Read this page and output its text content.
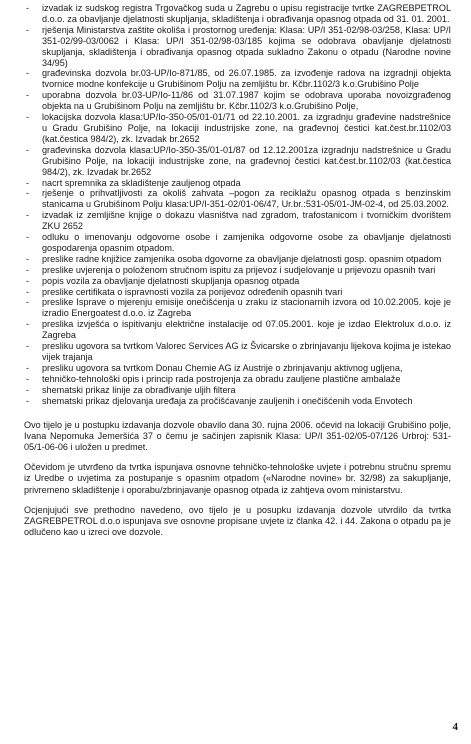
- izvadak iz sudskog registra Trgovačkog suda u Zagrebu o upisu registracije tvrtke ZAGREBPETROL d.o.o. za obavljanje djelatnosti skupljanja, skladištenja i obrađivanja opasnog otpada od 31. 01. 2001.
- rješenja Ministarstva zaštite okoliša i prostornog uređenja: Klasa: UP/I 351-02/98-03/258, Klasa: UP/I 351-02/99-03/0062 i Klasa: UP/I 351-02/98-03/185 kojima se odobrava obavljanje djelatnosti skupljanja, skladištenja i obrađivanja opasnog otpada sukladno Zakonu o otpadu (Narodne novine 34/95)
- građevinska dozvola br.03-UP/Io-871/85, od 26.07.1985. za izvođenje radova na izgradnji objekta tvornice modne konfekcije u Grubišinom Polju na zemljištu br. Kčbr.1102/3 k.o.Grubišino Polje
- uporabna dozvola br.03-UP/Io-11/86 od 31.07.1987 kojim se odobrava uporaba novoizgrađenog objekta na u Grubišinom Polju na zemljištu br. Kčbr.1102/3 k.o.Grubišino Polje,
- lokacijska dozvola klasa:UP/Io-350-05/01-01/71 od 22.10.2001. za izgradnju građevine nadstrešnice u Gradu Grubišino Polje, na lokaciji industrijske zone, na građevnoj čestici kat.čest.br.1102/03 (kat.čestica 984/2), zk. Izvadak br.2652
- građevinska dozvola klasa:UP/Io-350-35/01-01/87 od 12.12.2001za izgradnju nadstrešnice u Gradu Grubišino Polje, na lokaciji industrijske zone, na građevnoj čestici kat.čest.br.1102/03 (kat.čestica 984/2), zk. Izvadak br.2652
- nacrt spremnika za skladištenje zauljenog otpada
- rješenje o prihvatljivosti za okoliš zahvata –pogon za reciklažu opasnog otpada s benzinskim stanicama u Grubišinom Polju klasa:UP/I-351-02/01-06/47, Ur.br.:531-05/01-JM-02-4, od 25.03.2002.
- izvadak iz zemljišne knjige o dokazu vlasništva nad zgradom, trafostanicom i tvorničkim dvorištem ZKU 2652
- odluku o imenovanju odgovorne osobe i zamjenika odgovorne osobe za obavljanje djelatnosti gospodarenja opasnim otpadom.
- preslike radne knjižice zamjenika osoba dgovorne za obavljanje djelatnosti gosp. opasnim otpadom
- preslike uvjerenja o položenom stručnom ispitu za prijevoz i sudjelovanje u prijevozu opasnih tvari
- popis vozila za obavljanje djelatnosti skupljanja opasnog otpada
- preslike certifikata o ispravnosti vozila za porijevoz određenih opasnih tvari
- preslike Isprave o mjerenju emisije onečišćenja u zraku iz stacionarnih izvora od 10.02.2005. koje je izradio Energoatest d.o.o. iz Zagreba
- preslika izvješća o ispitivanju električne instalacije od 07.05.2001. koje je izdao Elektrolux d.o.o. iz Zagreba
- presliku ugovora sa tvrtkom Valorec Services AG iz Švicarske o zbrinjavanju lijekova kojima je istekao vijek trajanja
- presliku ugovora sa tvrtkom Donau Chemie AG iz Austrije o zbrinjavanju aktivnog ugljena,
- tehničko-tehnološki opis i princip rada postrojenja za obradu zauljene plastične ambalaže
- shematski prikaz linije za obrađivanje uljih filtera
- shematski prikaz djelovanja uređaja za pročišćavanje zauljenih i onečišćenih voda Envotech

Ovo tijelo je u postupku izdavanja dozvole obavilo dana 30. rujna 2006. očevid na lokaciji Grubišino polje, Ivana Nepomuka Jemeršića 37 o čemu je sačinjen zapisnik Klasa: UP/I 351-02/05-07/126 Urbroj: 531-05/1-06-06 i uložen u predmet.

Očevidom je utvrđeno da tvrtka ispunjava osnovne tehničko-tehnološke uvjete i potrebnu stručnu spremu iz Uredbe o uvjetima za postupanje s opasnim otpadom («Narodne novine» br. 32/98) za sakupljanje, privremeno skladištenje i oporabu/zbrinjavanje opasnog otpada iz zahtjeva ovom ministarstvu.

Ocjenjujući sve prethodno navedeno, ovo tijelo je u posupku izdavanja dozvole utvrdilo da tvrtka ZAGREBPETROL d.o.o ispunjava sve osnovne propisane uvjete iz članka 42. i 44. Zakona o otpadu pa je odlučeno kao u izreci ove dozvole.

4
